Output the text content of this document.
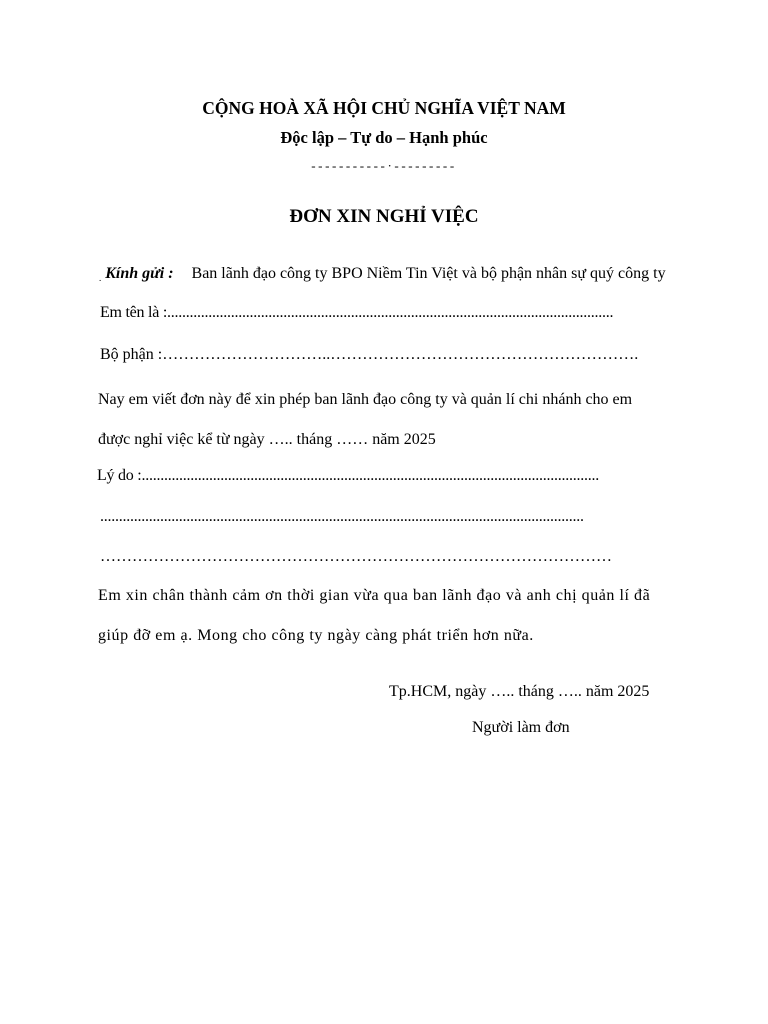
CỘNG HOÀ XÃ HỘI CHỦ NGHĨA VIỆT NAM
Độc lập – Tự do – Hạnh phúc
-----------·---------
ĐƠN XIN NGHỈ VIỆC
. Kính gửi : Ban lãnh đạo công ty BPO Niềm Tin Việt và bộ phận nhân sự quý công ty
Em tên là :.......................................................................................................................
Bộ phận :…………………………..………………………………………………….
Nay em viết đơn này để xin phép ban lãnh đạo công ty và quản lí chi nhánh cho em
được nghỉ việc kể từ ngày ….. tháng …… năm 2025
Lý do :..........................................................................................................................
.................................................................................................................................
……………………………………………………………………………………
Em xin chân thành cảm ơn thời gian vừa qua ban lãnh đạo và anh chị quản lí đã
giúp đỡ em ạ. Mong cho công ty ngày càng phát triển hơn nữa.
Tp.HCM, ngày ….. tháng ….. năm 2025
Người làm đơn
